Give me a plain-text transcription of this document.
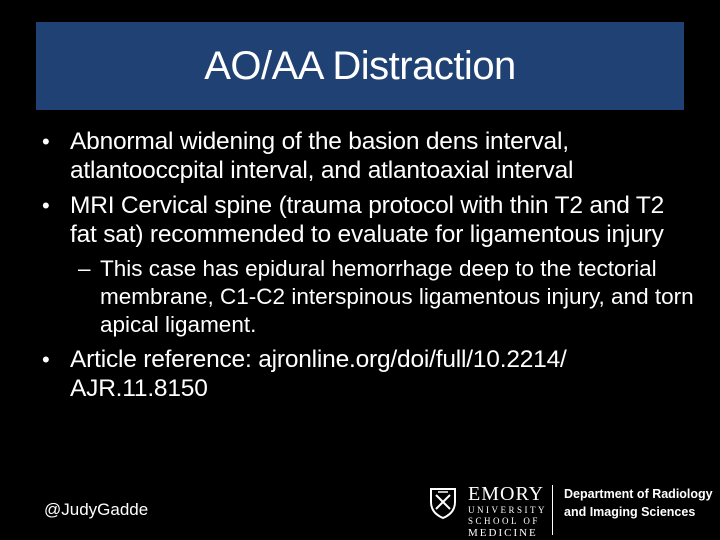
AO/AA Distraction
• Abnormal widening of the basion dens interval, atlantooccpital interval, and atlantoaxial interval
• MRI Cervical spine (trauma protocol with thin T2 and T2 fat sat) recommended to evaluate for ligamentous injury
– This case has epidural hemorrhage deep to the tectorial membrane, C1-C2 interspinous ligamentous injury, and torn apical ligament.
• Article reference: ajronline.org/doi/full/10.2214/
AJR.11.8150
@JudyGadde
EMORY
UNIVERSITY
SCHOOL OF
MEDICINE
Department of Radiology
and Imaging Sciences
